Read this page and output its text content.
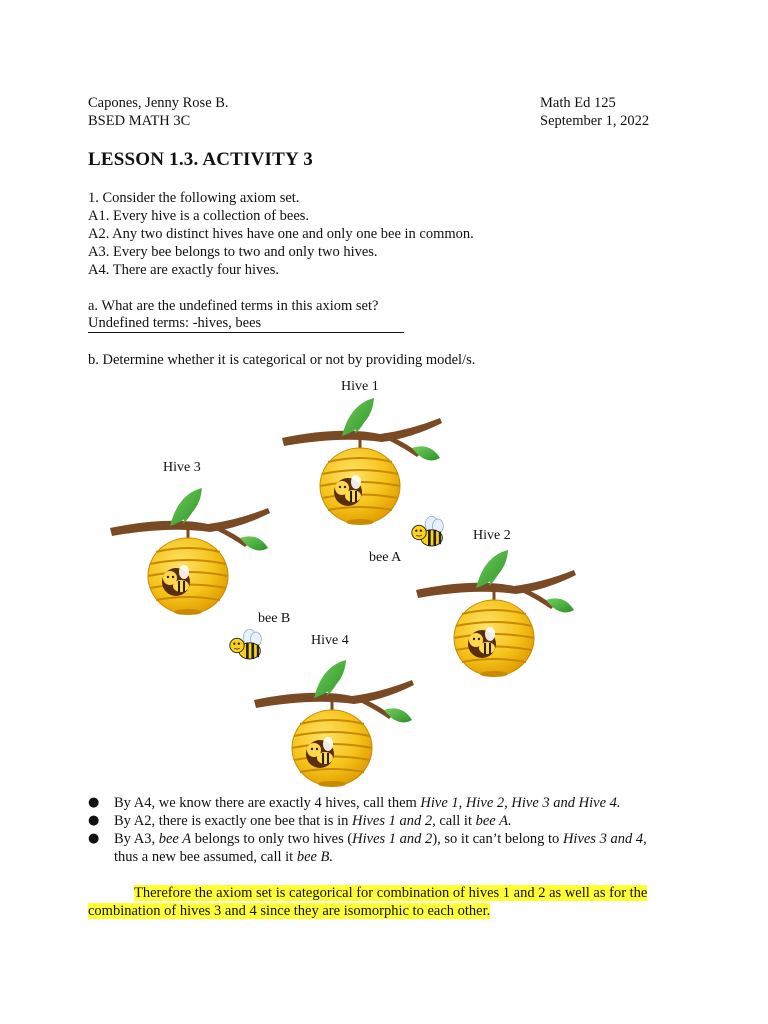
Capones, Jenny Rose B.
BSED MATH 3C
Math Ed 125
September 1, 2022
LESSON 1.3. ACTIVITY 3
1. Consider the following axiom set.
A1. Every hive is a collection of bees.
A2. Any two distinct hives have one and only one bee in common.
A3. Every bee belongs to two and only two hives.
A4. There are exactly four hives.
a. What are the undefined terms in this axiom set?
Undefined terms: -hives, bees
b. Determine whether it is categorical or not by providing model/s.
Hive 1
Hive 3
Hive 2
bee A
bee B
Hive 4
● By A4, we know there are exactly 4 hives, call them Hive 1, Hive 2, Hive 3 and Hive 4.
● By A2, there is exactly one bee that is in Hives 1 and 2, call it bee A.
● By A3, bee A belongs to only two hives (Hives 1 and 2), so it can’t belong to Hives 3 and 4,
thus a new bee assumed, call it bee B.
Therefore the axiom set is categorical for combination of hives 1 and 2 as well as for the combination of hives 3 and 4 since they are isomorphic to each other.
